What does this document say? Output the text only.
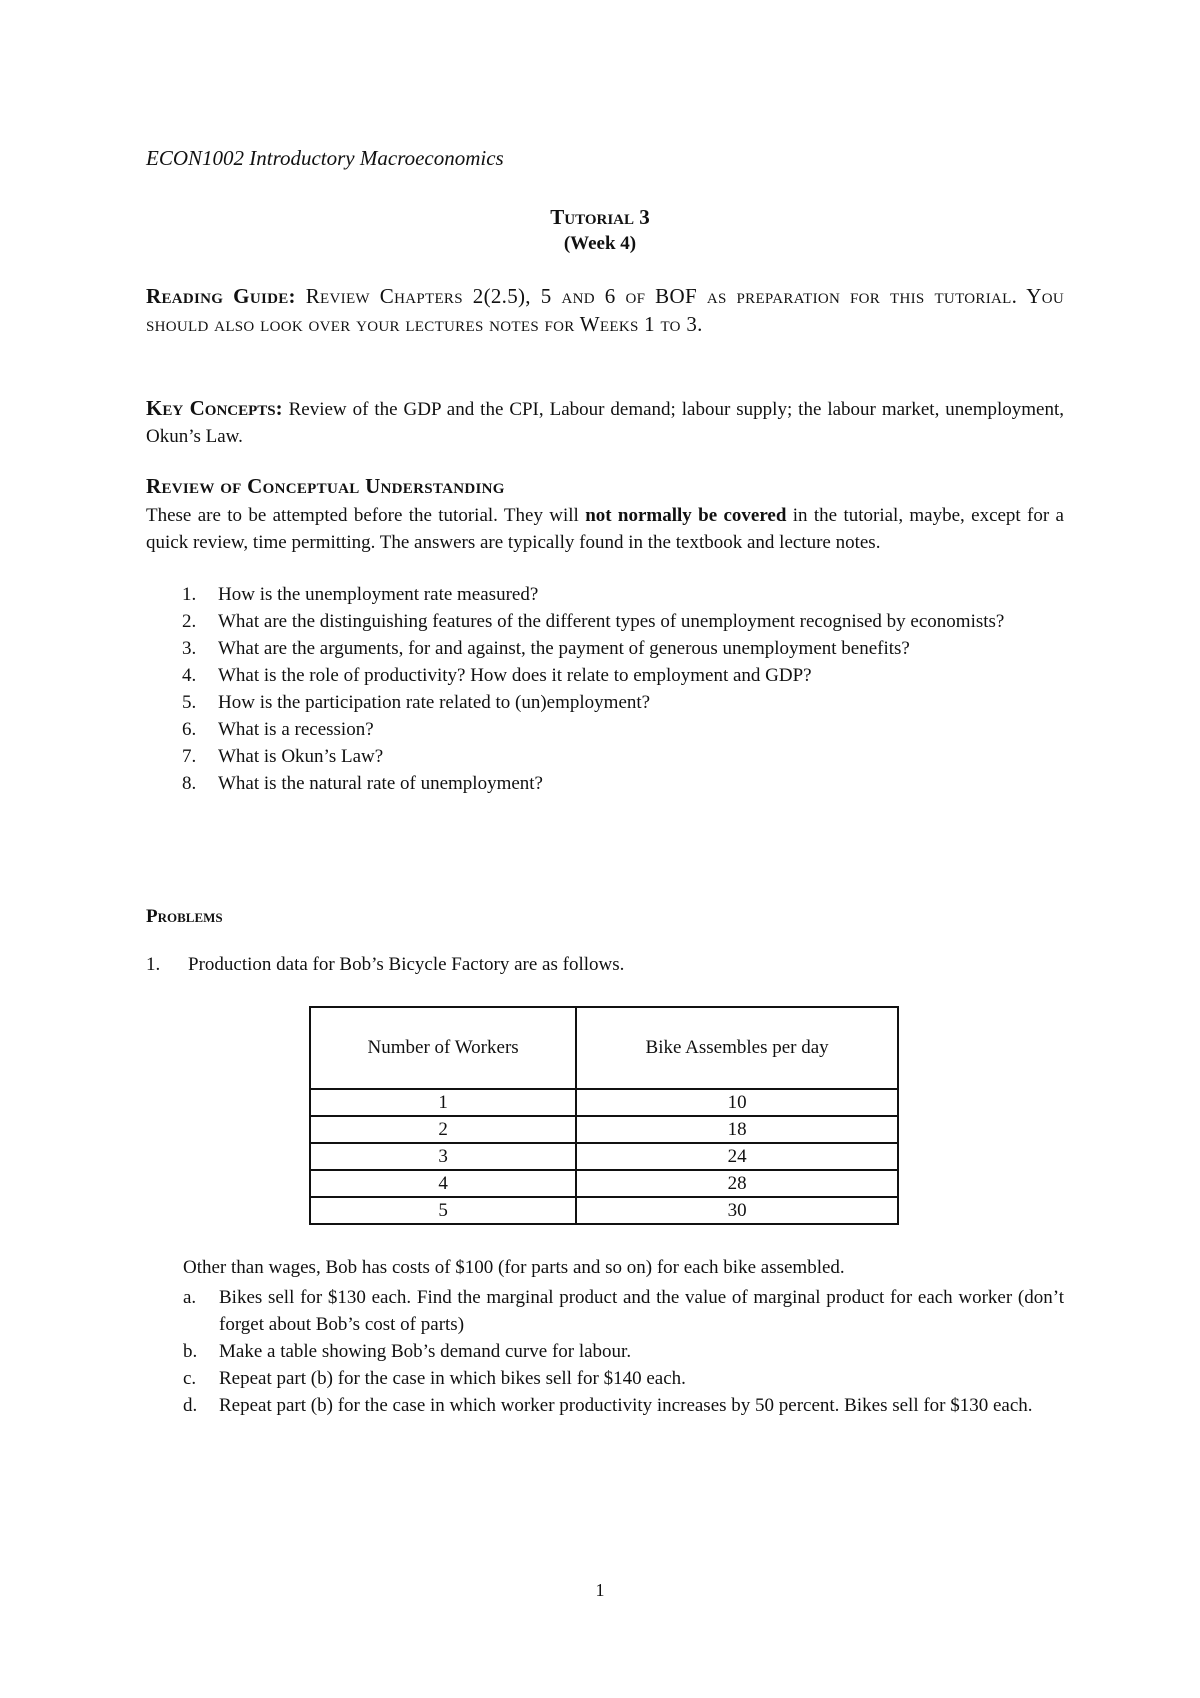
ECON1002 Introductory Macroeconomics
Tutorial 3
(Week 4)
Reading Guide: Review Chapters 2(2.5), 5 and 6 of BOF as preparation for this tutorial. You should also look over your lectures notes for Weeks 1 to 3.
Key Concepts: Review of the GDP and the CPI, Labour demand; labour supply; the labour market, unemployment, Okun’s Law.
Review of Conceptual Understanding
These are to be attempted before the tutorial. They will not normally be covered in the tutorial, maybe, except for a quick review, time permitting. The answers are typically found in the textbook and lecture notes.
1. How is the unemployment rate measured?
2. What are the distinguishing features of the different types of unemployment recognised by economists?
3. What are the arguments, for and against, the payment of generous unemployment benefits?
4. What is the role of productivity? How does it relate to employment and GDP?
5. How is the participation rate related to (un)employment?
6. What is a recession?
7. What is Okun’s Law?
8. What is the natural rate of unemployment?
Problems
1. Production data for Bob’s Bicycle Factory are as follows.
Number of Workers	Bike Assembles per day
1	10
2	18
3	24
4	28
5	30
Other than wages, Bob has costs of $100 (for parts and so on) for each bike assembled.
a. Bikes sell for $130 each. Find the marginal product and the value of marginal product for each worker (don’t forget about Bob’s cost of parts)
b. Make a table showing Bob’s demand curve for labour.
c. Repeat part (b) for the case in which bikes sell for $140 each.
d. Repeat part (b) for the case in which worker productivity increases by 50 percent. Bikes sell for $130 each.
1
